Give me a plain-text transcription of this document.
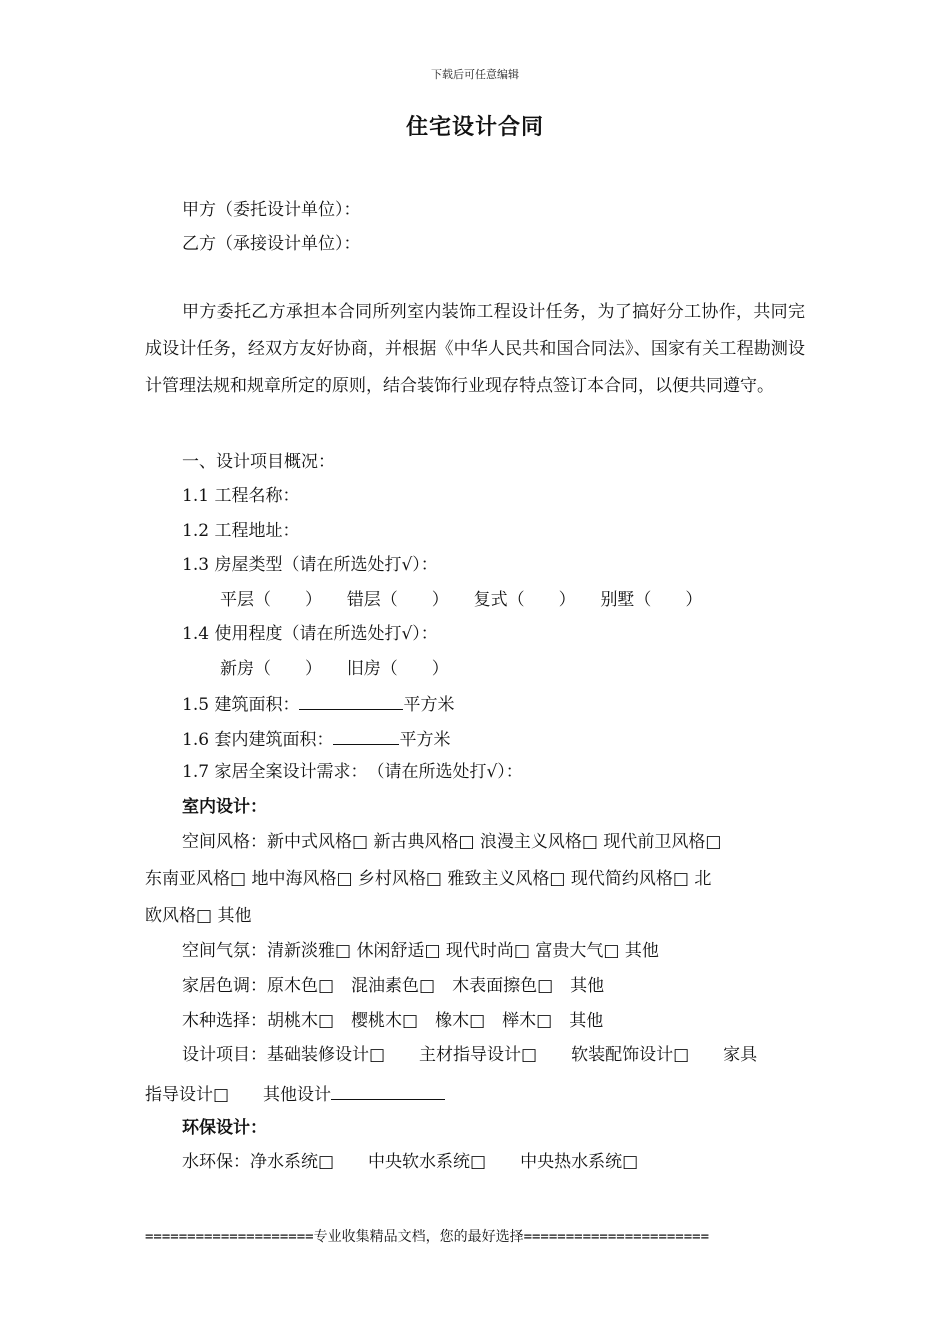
下载后可任意编辑
住宅设计合同
甲方（委托设计单位）：
乙方（承接设计单位）：
甲方委托乙方承担本合同所列室内装饰工程设计任务，为了搞好分工协作，共同完成设计任务，经双方友好协商，并根据《中华人民共和国合同法》、国家有关工程勘测设计管理法规和规章所定的原则，结合装饰行业现存特点签订本合同，以便共同遵守。
一、设计项目概况：
1.1 工程名称：
1.2 工程地址：
1.3 房屋类型（请在所选处打√）：
平层（　　） 错层（　　） 复式（　　） 别墅（　　）
1.4 使用程度（请在所选处打√）：
新房（　　） 旧房（　　）
1.5 建筑面积：	平方米
1.6 套内建筑面积：	平方米
1.7 家居全案设计需求：　（请在所选处打√）：
室内设计：
空间风格：新中式风格□ 新古典风格□ 浪漫主义风格□ 现代前卫风格□
东南亚风格□ 地中海风格□ 乡村风格□ 雅致主义风格□ 现代简约风格□ 北
欧风格□ 其他
空间气氛：清新淡雅□ 休闲舒适□ 现代时尚□ 富贵大气□ 其他
家居色调：原木色□　混油素色□　木表面擦色□　其他
木种选择：胡桃木□　樱桃木□　橡木□　榉木□　其他
设计项目：基础装修设计□　　主材指导设计□　　软装配饰设计□　　家具
指导设计□　　其他设计
环保设计：
水环保：净水系统□　　中央软水系统□　　中央热水系统□
====================专业收集精品文档，您的最好选择======================
